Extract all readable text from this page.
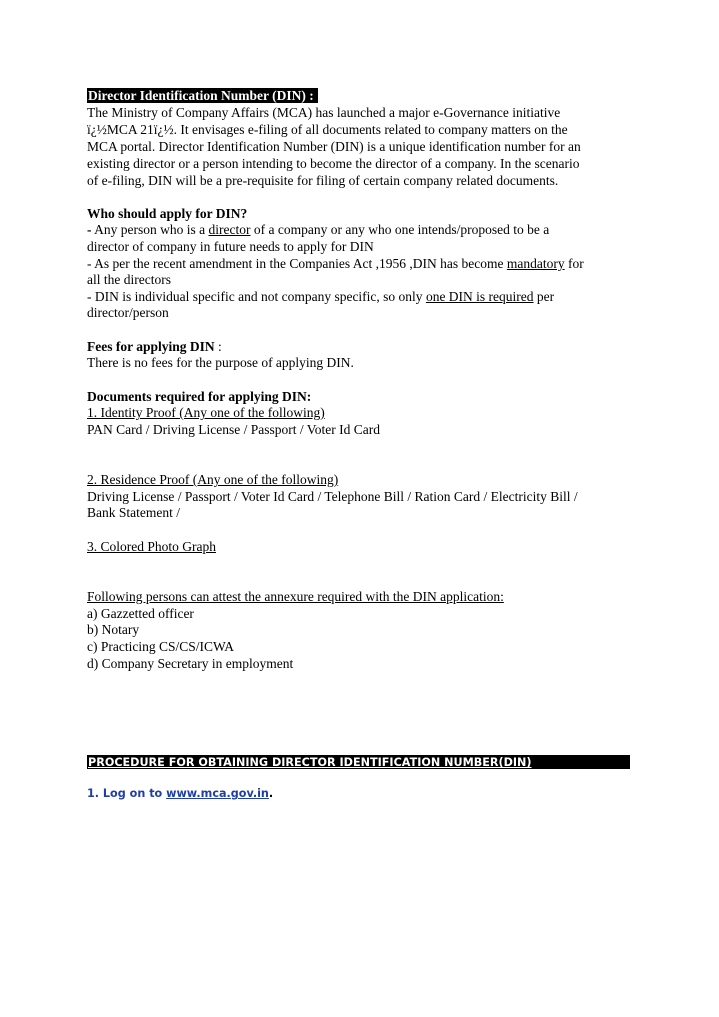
Director Identification Number (DIN) :
The Ministry of Company Affairs (MCA) has launched a major e-Governance initiative
ï¿½MCA 21ï¿½. It envisages e-filing of all documents related to company matters on the
MCA portal. Director Identification Number (DIN) is a unique identification number for an
existing director or a person intending to become the director of a company. In the scenario
of e-filing, DIN will be a pre-requisite for filing of certain company related documents.
Who should apply for DIN?
- Any person who is a director of a company or any who one intends/proposed to be a
director of company in future needs to apply for DIN
- As per the recent amendment in the Companies Act ,1956 ,DIN has become mandatory for
all the directors
- DIN is individual specific and not company specific, so only one DIN is required per
director/person
Fees for applying DIN :
There is no fees for the purpose of applying DIN.
Documents required for applying DIN:
1. Identity Proof (Any one of the following)
PAN Card / Driving License / Passport / Voter Id Card
2. Residence Proof (Any one of the following)
Driving License / Passport / Voter Id Card / Telephone Bill / Ration Card / Electricity Bill /
Bank Statement /
3. Colored Photo Graph
Following persons can attest the annexure required with the DIN application:
a) Gazzetted officer
b) Notary
c) Practicing CS/CS/ICWA
d) Company Secretary in employment
PROCEDURE FOR OBTAINING DIRECTOR IDENTIFICATION NUMBER(DIN)
1. Log on to www.mca.gov.in.
